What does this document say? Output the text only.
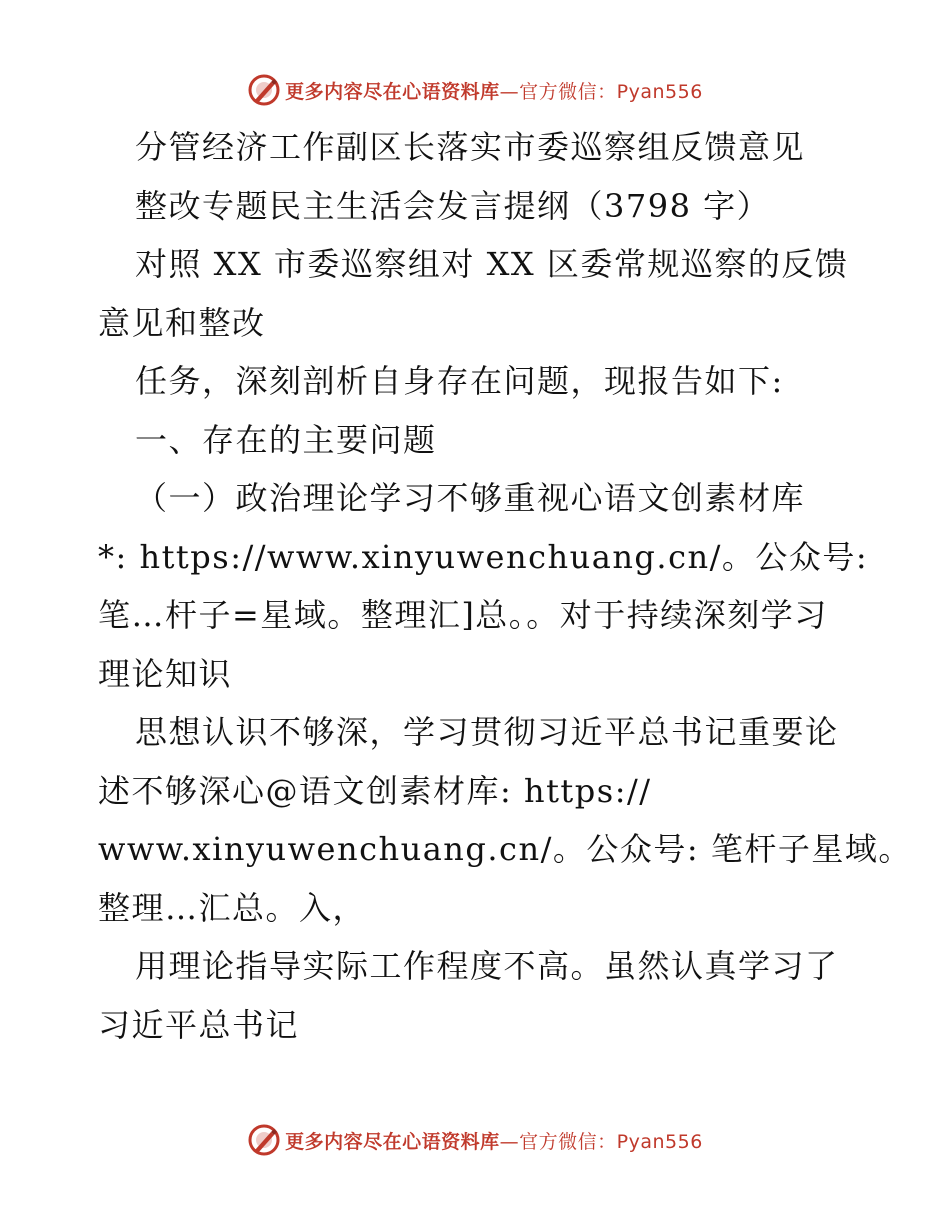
更多内容尽在心语资料库—官方微信：Pyan556
分管经济工作副区长落实市委巡察组反馈意见
整改专题民主生活会发言提纲（3798 字）
对照 XX 市委巡察组对 XX 区委常规巡察的反馈
意见和整改
任务，深刻剖析自身存在问题，现报告如下:
一、存在的主要问题
（一）政治理论学习不够重视心语文创素材库
*: https://www.xinyuwenchuang.cn/。公众号:
笔…杆子=星域。整理汇]总。。对于持续深刻学习
理论知识
思想认识不够深，学习贯彻习近平总书记重要论
述不够深心@语文创素材库: https://
www.xinyuwenchuang.cn/。公众号: 笔杆子星域。
整理…汇总。入，
用理论指导实际工作程度不高。虽然认真学习了
习近平总书记
更多内容尽在心语资料库—官方微信：Pyan556
